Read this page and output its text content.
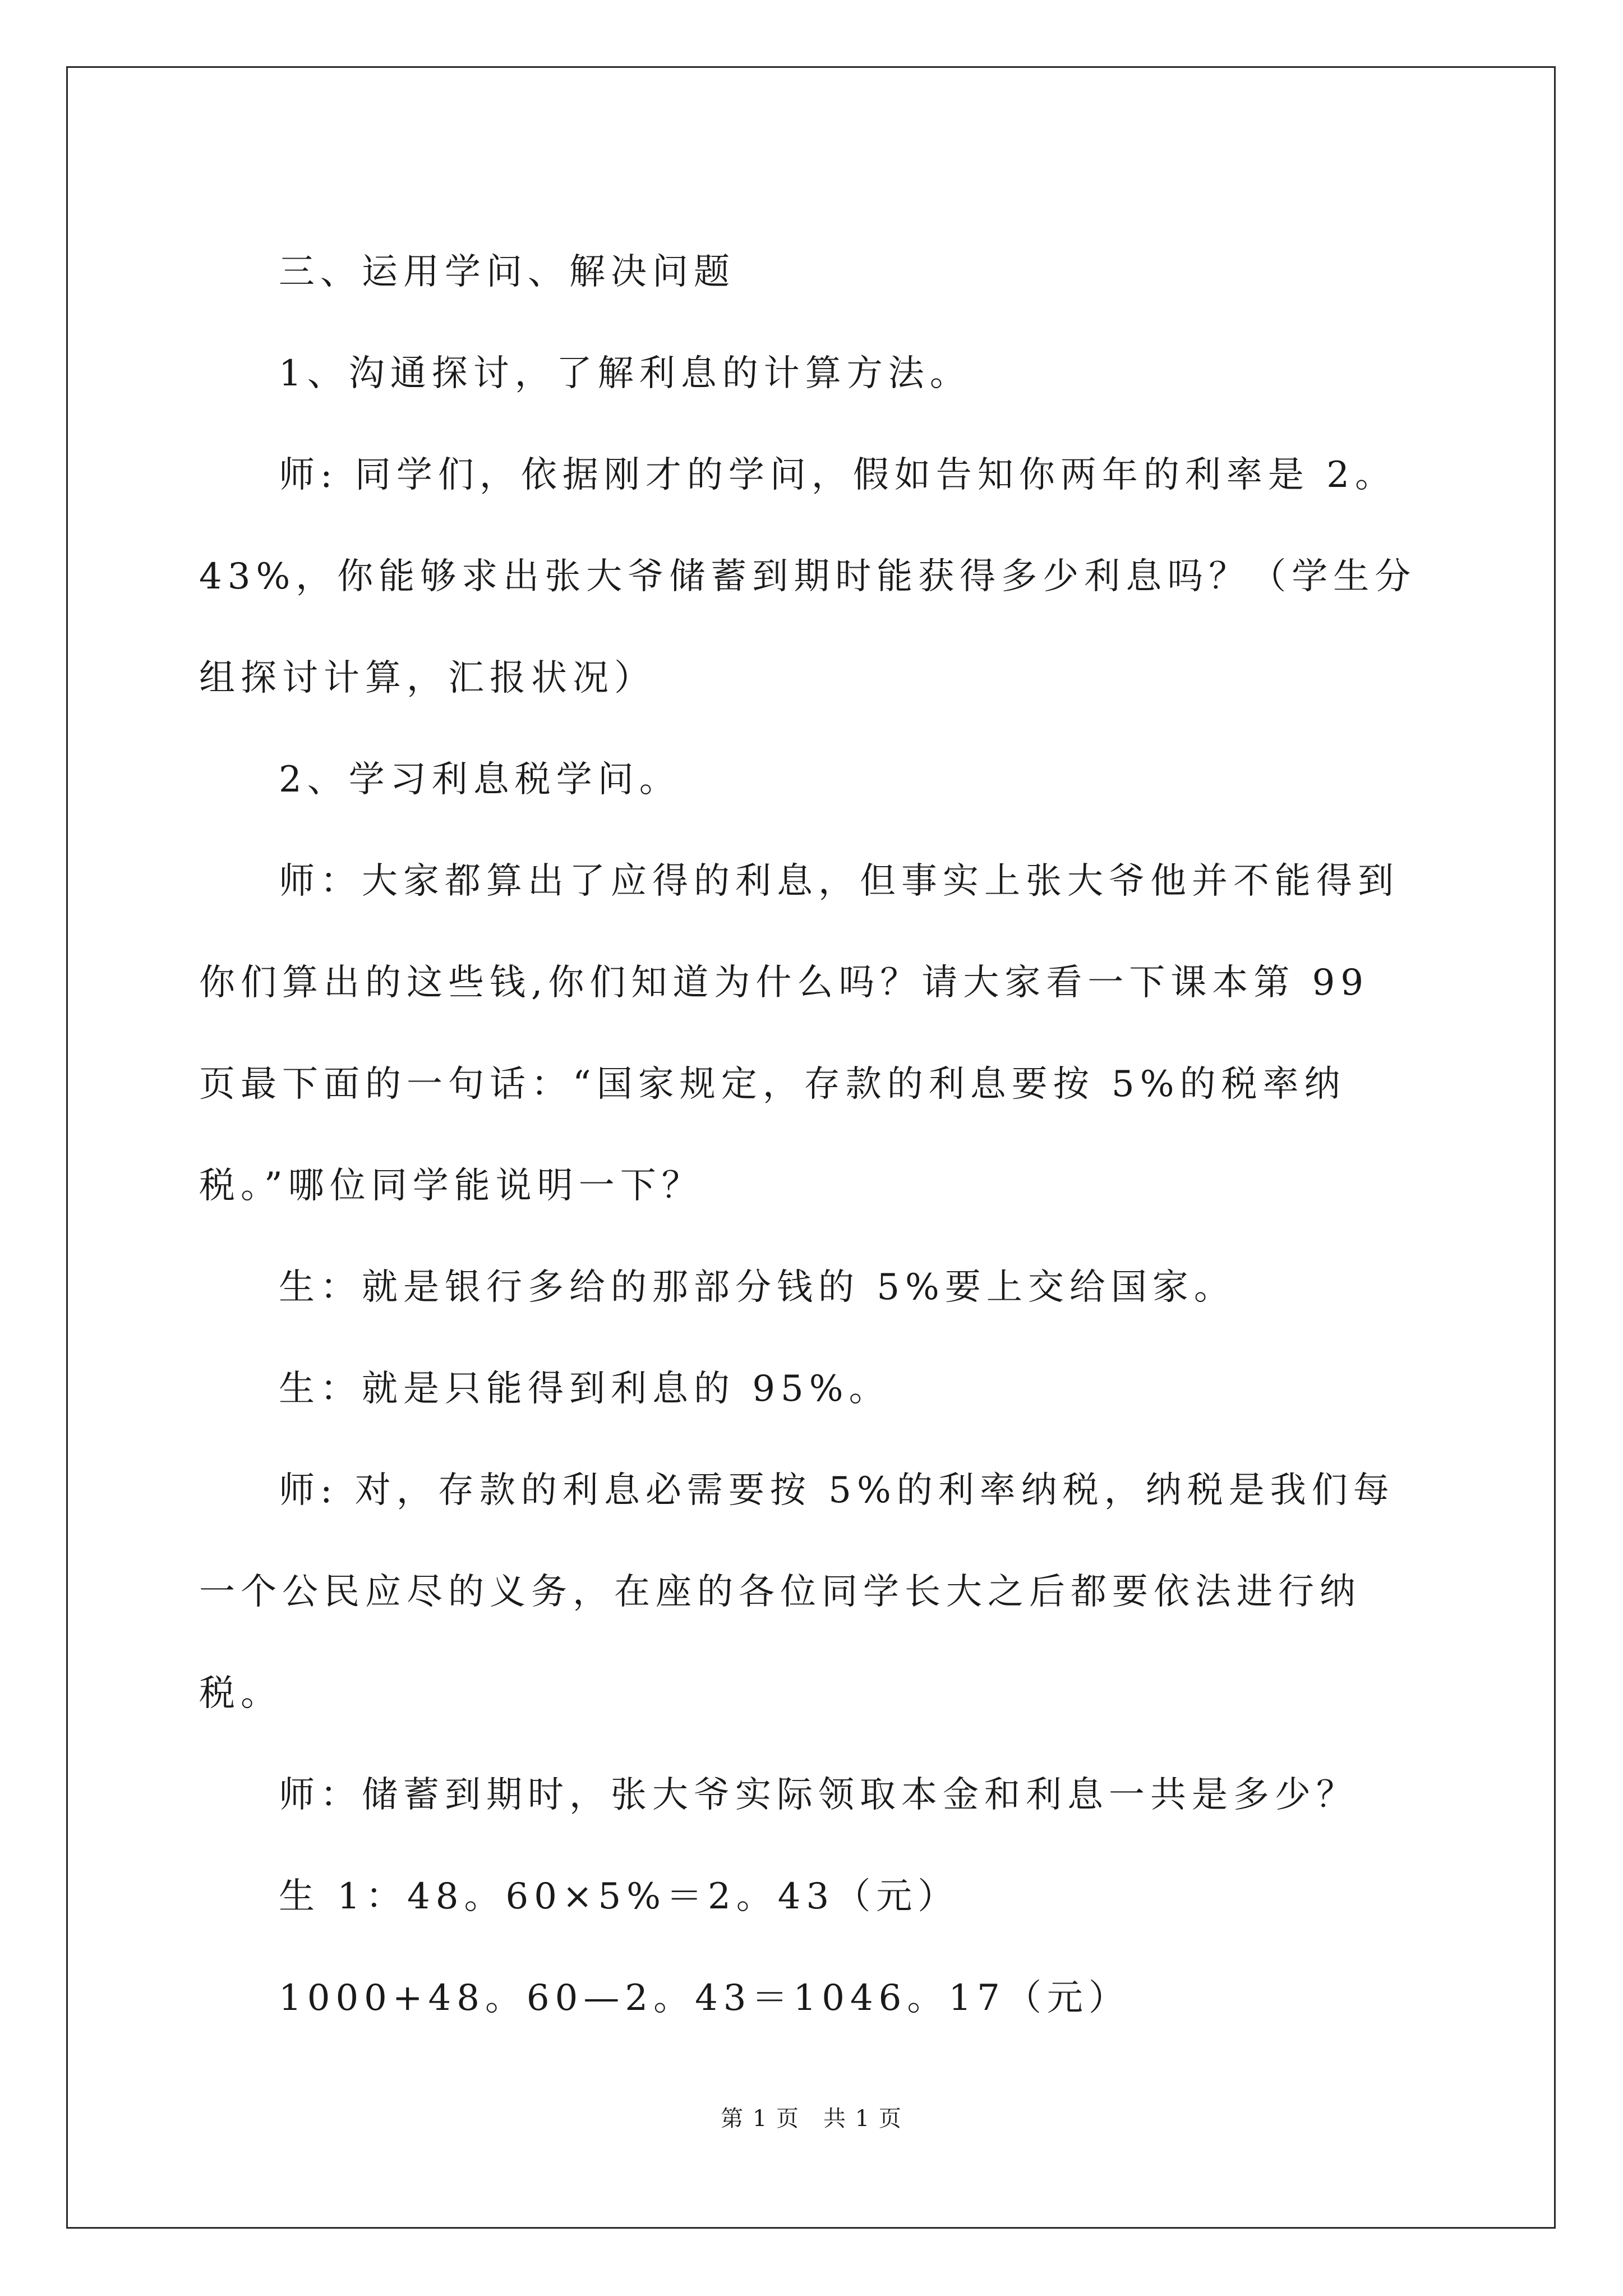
三、运用学问、解决问题

1、沟通探讨，了解利息的计算方法。

师: 同学们，依据刚才的学问，假如告知你两年的利率是 2。43%，你能够求出张大爷储蓄到期时能获得多少利息吗？（学生分组探讨计算，汇报状况）

2、学习利息税学问。

师：大家都算出了应得的利息，但事实上张大爷他并不能得到你们算出的这些钱,你们知道为什么吗？请大家看一下课本第 99 页最下面的一句话：“国家规定，存款的利息要按 5%的税率纳税。”哪位同学能说明一下？

生：就是银行多给的那部分钱的 5%要上交给国家。

生：就是只能得到利息的 95%。

师: 对，存款的利息必需要按 5%的利率纳税，纳税是我们每一个公民应尽的义务，在座的各位同学长大之后都要依法进行纳税。

师：储蓄到期时，张大爷实际领取本金和利息一共是多少？

生 1：48。60×5%＝2。43（元）

1000+48。60—2。43＝1046。17（元）

第 1 页　共 1 页
